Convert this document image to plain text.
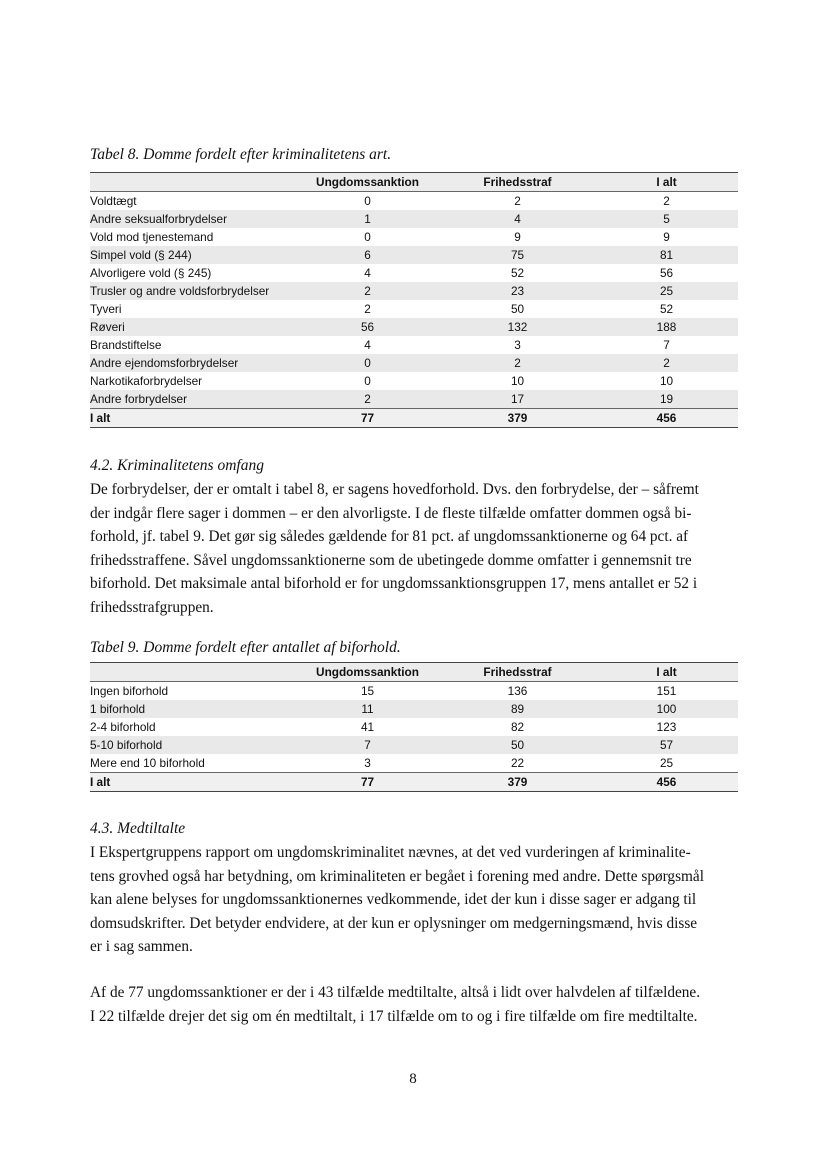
Tabel 8. Domme fordelt efter kriminalitetens art.
	Ungdomssanktion	Frihedsstraf	I alt
Voldtægt	0	2	2
Andre seksualforbrydelser	1	4	5
Vold mod tjenestemand	0	9	9
Simpel vold (§ 244)	6	75	81
Alvorligere vold (§ 245)	4	52	56
Trusler og andre voldsforbrydelser	2	23	25
Tyveri	2	50	52
Røveri	56	132	188
Brandstiftelse	4	3	7
Andre ejendomsforbrydelser	0	2	2
Narkotikaforbrydelser	0	10	10
Andre forbrydelser	2	17	19
I alt	77	379	456
4.2. Kriminalitetens omfang
De forbrydelser, der er omtalt i tabel 8, er sagens hovedforhold. Dvs. den forbrydelse, der – såfremt
der indgår flere sager i dommen – er den alvorligste. I de fleste tilfælde omfatter dommen også bi-
forhold, jf. tabel 9. Det gør sig således gældende for 81 pct. af ungdomssanktionerne og 64 pct. af
frihedsstraffene. Såvel ungdomssanktionerne som de ubetingede domme omfatter i gennemsnit tre
biforhold. Det maksimale antal biforhold er for ungdomssanktionsgruppen 17, mens antallet er 52 i
frihedsstrafgruppen.
Tabel 9. Domme fordelt efter antallet af biforhold.
	Ungdomssanktion	Frihedsstraf	I alt
Ingen biforhold	15	136	151
1 biforhold	11	89	100
2-4 biforhold	41	82	123
5-10 biforhold	7	50	57
Mere end 10 biforhold	3	22	25
I alt	77	379	456
4.3. Medtiltalte
I Ekspertgruppens rapport om ungdomskriminalitet nævnes, at det ved vurderingen af kriminalite-
tens grovhed også har betydning, om kriminaliteten er begået i forening med andre. Dette spørgsmål
kan alene belyses for ungdomssanktionernes vedkommende, idet der kun i disse sager er adgang til
domsudskrifter. Det betyder endvidere, at der kun er oplysninger om medgerningsmænd, hvis disse
er i sag sammen.
Af de 77 ungdomssanktioner er der i 43 tilfælde medtiltalte, altså i lidt over halvdelen af tilfældene.
I 22 tilfælde drejer det sig om én medtiltalt, i 17 tilfælde om to og i fire tilfælde om fire medtiltalte.
8
